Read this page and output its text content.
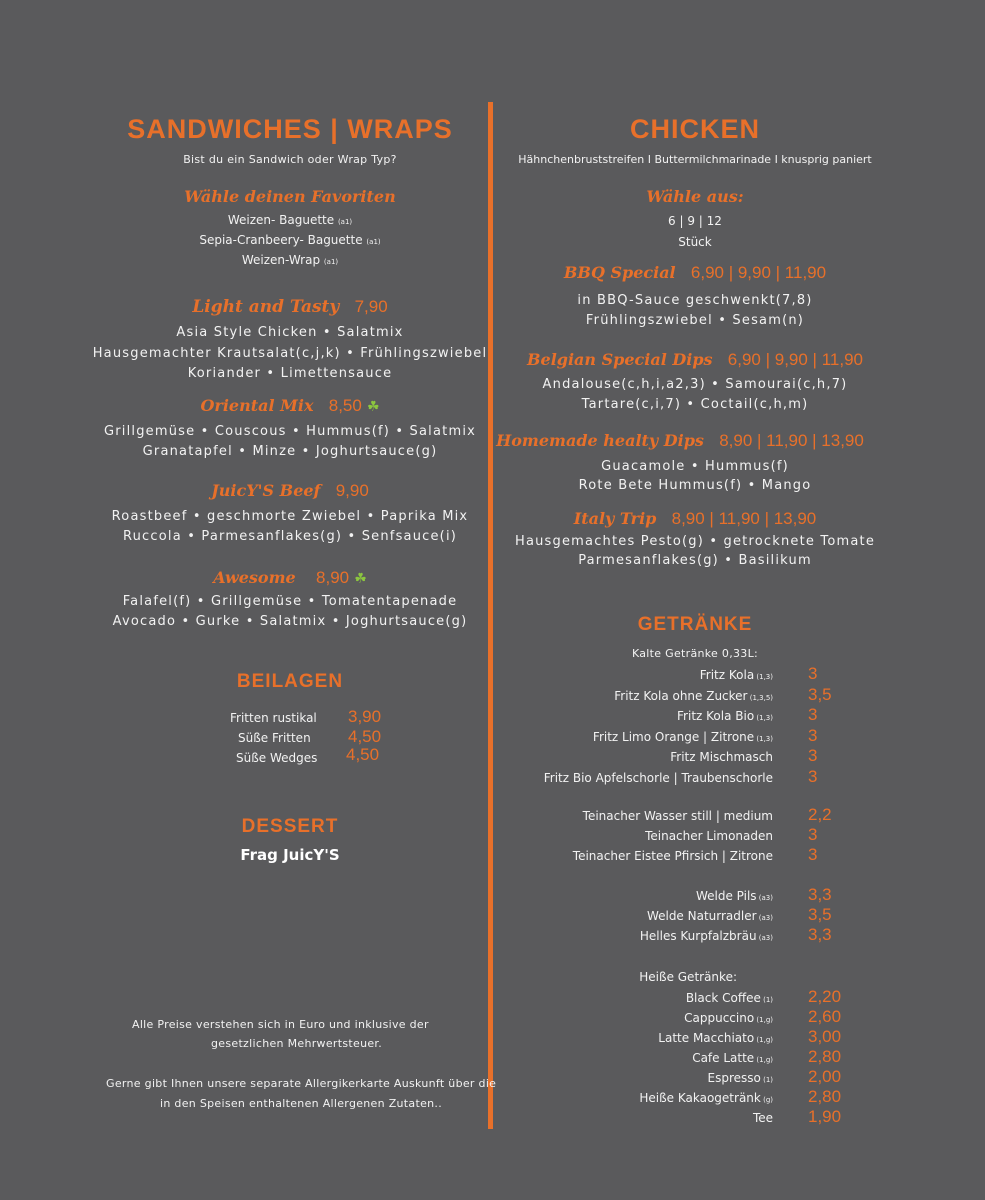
SANDWICHES | WRAPS
Bist du ein Sandwich oder Wrap Typ?
Wähle deinen Favoriten
Weizen- Baguette (a1)
Sepia-Cranbeery- Baguette (a1)
Weizen-Wrap (a1)
Light and Tasty 7,90
Asia Style Chicken • Salatmix
Hausgemachter Krautsalat(c,j,k) • Frühlingszwiebel
Koriander • Limettensauce
Oriental Mix 8,50 ☘
Grillgemüse • Couscous • Hummus(f) • Salatmix
Granatapfel • Minze • Joghurtsauce(g)
JuicY'S Beef 9,90
Roastbeef • geschmorte Zwiebel • Paprika Mix
Ruccola • Parmesanflakes(g) • Senfsauce(i)
Awesome 8,90 ☘
Falafel(f) • Grillgemüse • Tomatentapenade
Avocado • Gurke • Salatmix • Joghurtsauce(g)
BEILAGEN
Fritten rustikal 3,90
Süße Fritten 4,50
Süße Wedges 4,50
DESSERT
Frag JuicY'S
Alle Preise verstehen sich in Euro und inklusive der
gesetzlichen Mehrwertsteuer.
Gerne gibt Ihnen unsere separate Allergikerkarte Auskunft über die
in den Speisen enthaltenen Allergenen Zutaten..
CHICKEN
Hähnchenbruststreifen I Buttermilchmarinade I knusprig paniert
Wähle aus:
6 | 9 | 12
Stück
BBQ Special 6,90 | 9,90 | 11,90
in BBQ-Sauce geschwenkt(7,8)
Frühlingszwiebel • Sesam(n)
Belgian Special Dips 6,90 | 9,90 | 11,90
Andalouse(c,h,i,a2,3) • Samourai(c,h,7)
Tartare(c,i,7) • Coctail(c,h,m)
Homemade healty Dips 8,90 | 11,90 | 13,90
Guacamole • Hummus(f)
Rote Bete Hummus(f) • Mango
Italy Trip 8,90 | 11,90 | 13,90
Hausgemachtes Pesto(g) • getrocknete Tomate
Parmesanflakes(g) • Basilikum
GETRÄNKE
Kalte Getränke 0,33L:
Fritz Kola (1,3) 3
Fritz Kola ohne Zucker (1,3,5) 3,5
Fritz Kola Bio (1,3) 3
Fritz Limo Orange | Zitrone (1,3) 3
Fritz Mischmasch 3
Fritz Bio Apfelschorle | Traubenschorle 3
Teinacher Wasser still | medium 2,2
Teinacher Limonaden 3
Teinacher Eistee Pfirsich | Zitrone 3
Welde Pils (a3) 3,3
Welde Naturradler (a3) 3,5
Helles Kurpfalzbräu (a3) 3,3
Black Coffee (1) 2,20
Cappuccino (1,g) 2,60
Latte Macchiato (1,g) 3,00
Cafe Latte (1,g) 2,80
Espresso (1) 2,00
Heiße Kakaogetränk (g) 2,80
Tee 1,90
Heiße Getränke:
